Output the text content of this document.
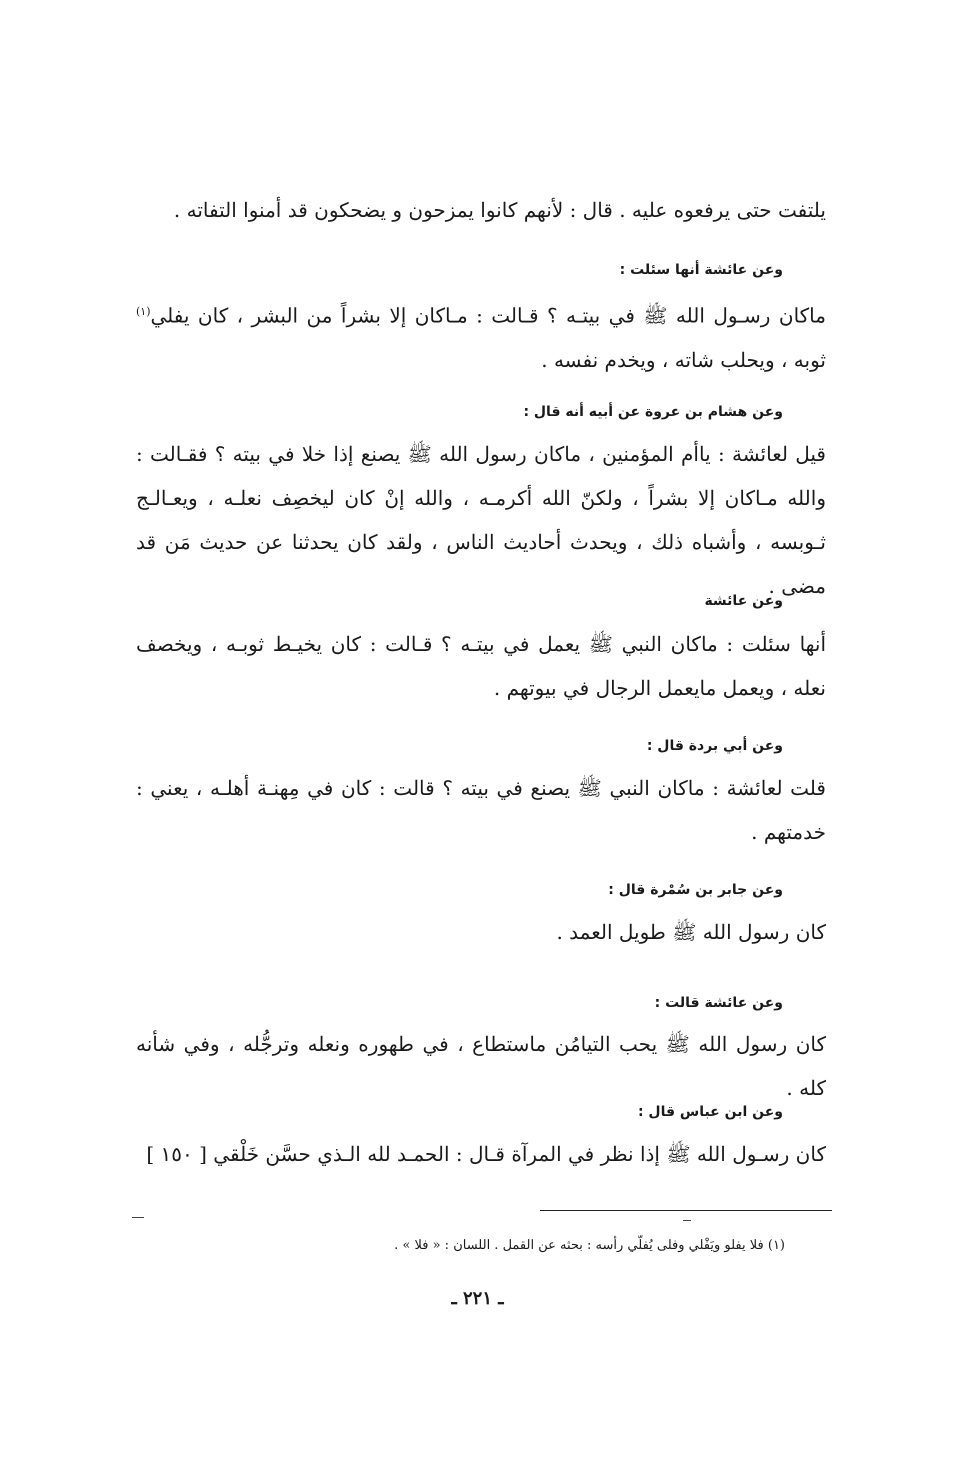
يلتفت حتى يرفعوه عليه . قال : لأنهم كانوا يمزحون و يضحكون قد أمنوا التفاته .

وعن عائشة أنها سئلت :

ماكان رسـول الله ﷺ في بيتـه ؟ قـالت : مـاكان إلا بشراً من البشر ، كان يفلي$^{(١)}$ ثوبه ، ويحلب شاته ، ويخدم نفسه .

وعن هشام بن عروة عن أبيه أنه قال :

قيل لعائشة : ياأم المؤمنين ، ماكان رسول الله ﷺ يصنع إذا خلا في بيته ؟ فقـالت : والله مـاكان إلا بشراً ، ولكنّ الله أكرمـه ، والله إنْ كان ليخصِف نعلـه ، ويعـالـج ثـوبسه ، وأشباه ذلك ، ويحدث أحاديث الناس ، ولقد كان يحدثنا عن حديث مَن قد مضى .

وعن عائشة

أنها سئلت : ماكان النبي ﷺ يعمل في بيتـه ؟ قـالت : كان يخيـط ثوبـه ، ويخصف نعله ، ويعمل مايعمل الرجال في بيوتهم .

وعن أبي بردة قال :

قلت لعائشة : ماكان النبي ﷺ يصنع في بيته ؟ قالت : كان في مِهنـة أهلـه ، يعني : خدمتهم .

وعن جابر بن سُمْرة قال :

كان رسول الله ﷺ طويل العمد .

وعن عائشة قالت :

كان رسول الله ﷺ يحب التيامُن ماستطاع ، في طهوره ونعله وترجُّله ، وفي شأنه كله .

وعن ابن عباس قال :

كان رسـول الله ﷺ إذا نظر في المرآة قـال : الحمـد لله الـذي حسَّن خَلْقي [ ١٥٠ ]

(١) فلا يفلو ويَفْلي وفلى يُفلّي رأسه : بحثه عن القمل . اللسان : « فلا » .
ـ ٢٢١ ـ
